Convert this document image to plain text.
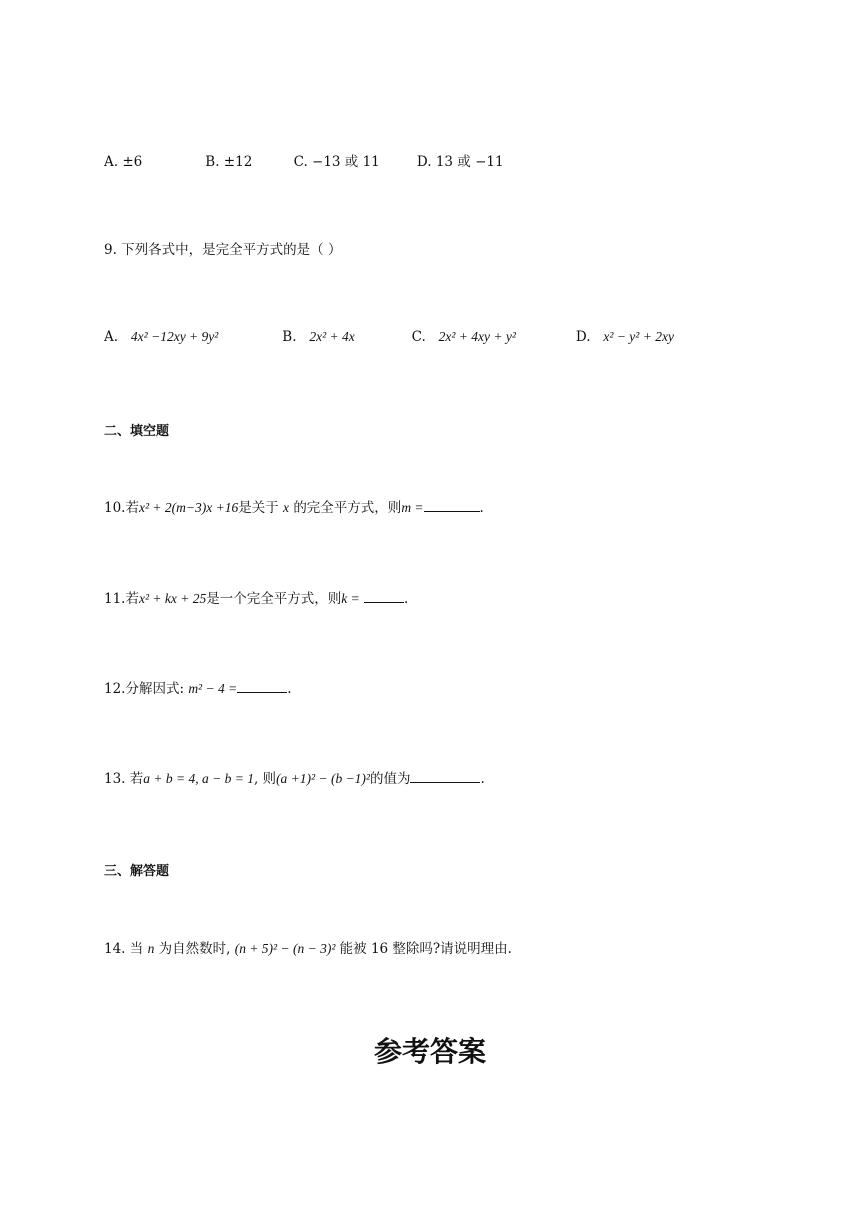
A. ±6	B. ±12	C. −13 或 11	D. 13 或 −11
9. 下列各式中，是完全平方式的是（ ）
A. 4x² −12xy + 9y²	B. 2x² + 4x	C. 2x² + 4xy + y²	D. x² − y² + 2xy
二、填空题
10.若x² + 2(m−3)x +16是关于 x 的完全平方式，则m =	.
11.若x² + kx + 25是一个完全平方式，则k =	.
12.分解因式: m² − 4 =	.
13. 若a + b = 4, a − b = 1, 则(a +1)² − (b −1)²的值为	.
三、解答题
14. 当 n 为自然数时, (n + 5)² − (n − 3)² 能被 16 整除吗?请说明理由.
参考答案
